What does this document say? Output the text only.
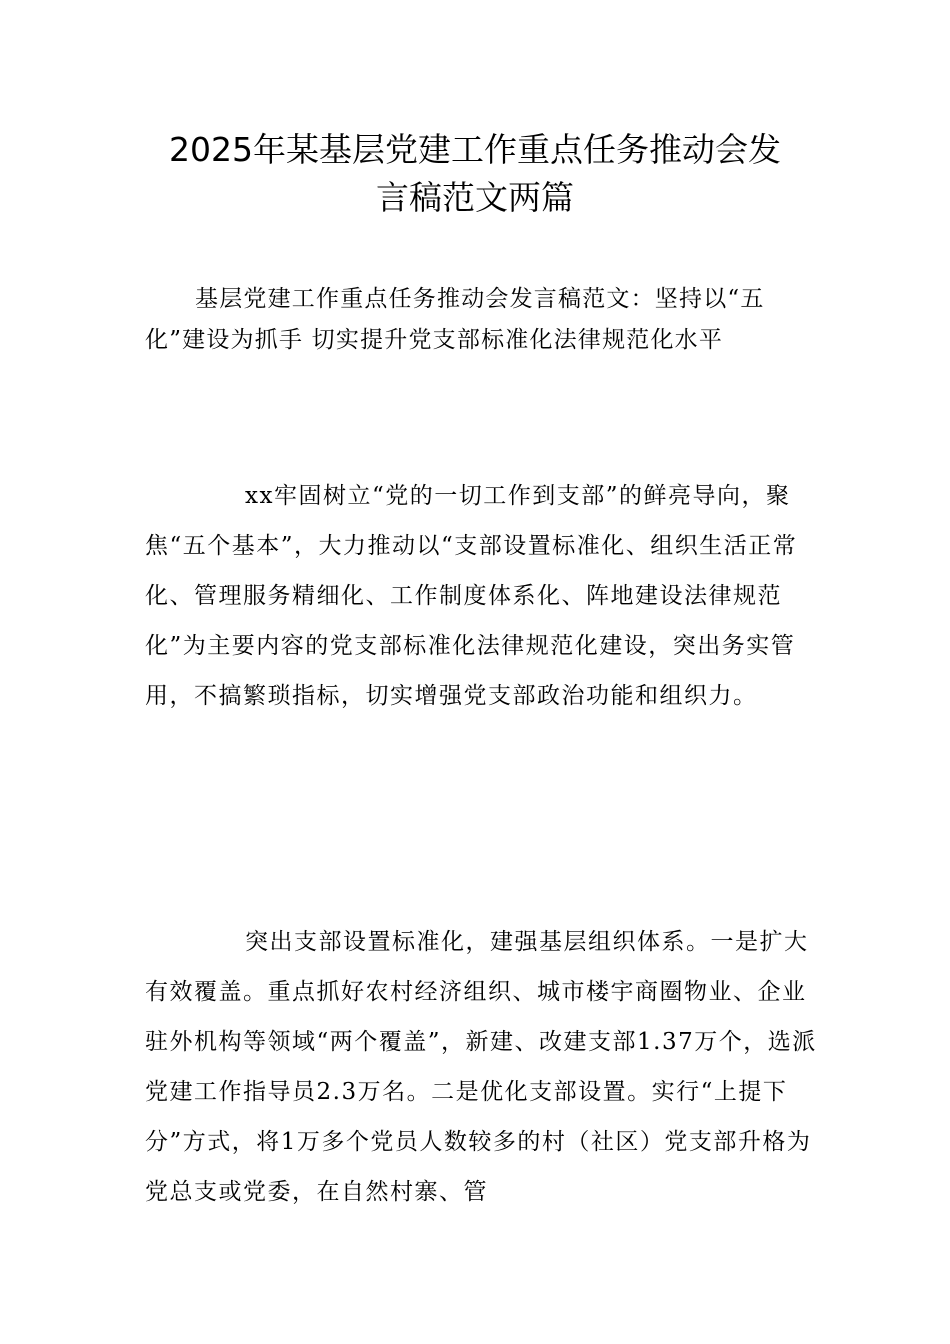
2025年某基层党建工作重点任务推动会发
言稿范文两篇

基层党建工作重点任务推动会发言稿范文：坚持以“五化”建设为抓手 切实提升党支部标准化法律规范化水平

xx牢固树立“党的一切工作到支部”的鲜亮导向，聚焦“五个基本”，大力推动以“支部设置标准化、组织生活正常化、管理服务精细化、工作制度体系化、阵地建设法律规范化”为主要内容的党支部标准化法律规范化建设，突出务实管用，不搞繁琐指标，切实增强党支部政治功能和组织力。

突出支部设置标准化，建强基层组织体系。一是扩大有效覆盖。重点抓好农村经济组织、城市楼宇商圈物业、企业驻外机构等领域“两个覆盖”，新建、改建支部1.37万个，选派党建工作指导员2.3万名。二是优化支部设置。实行“上提下分”方式，将1万多个党员人数较多的村（社区）党支部升格为党总支或党委，在自然村寨、管
